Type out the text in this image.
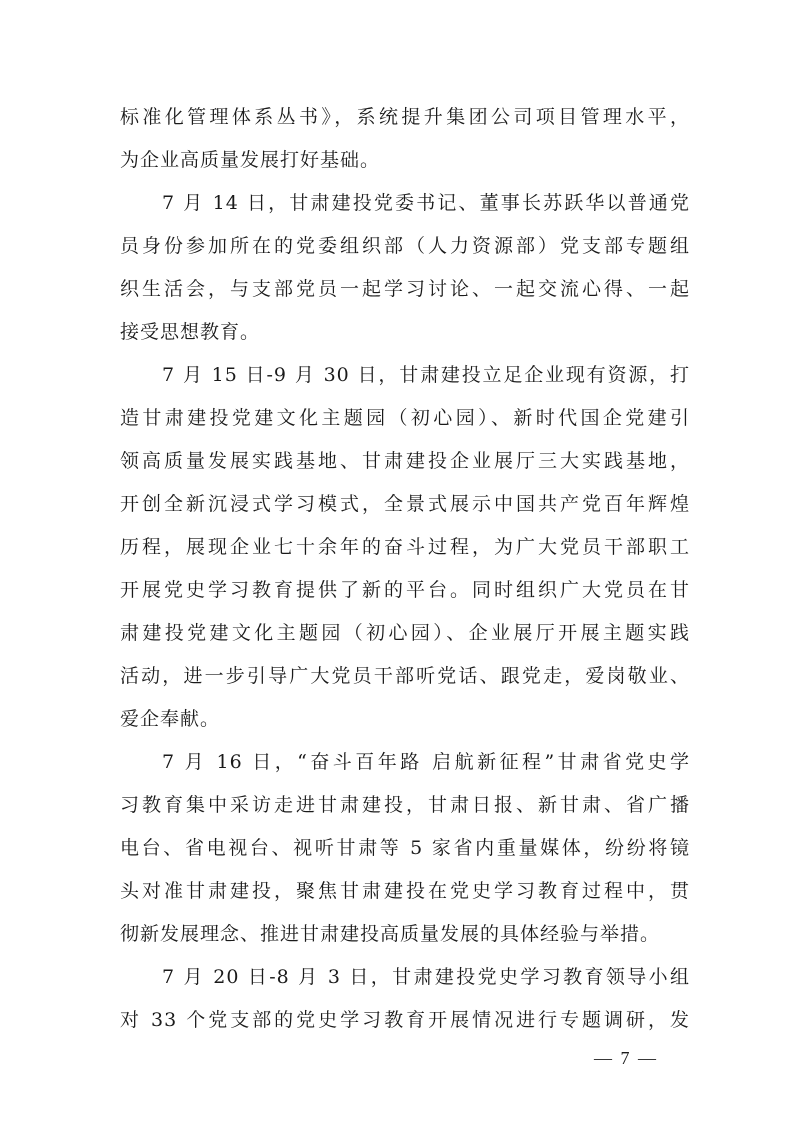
标准化管理体系丛书》，系统提升集团公司项目管理水平，
为企业高质量发展打好基础。
7 月 14 日，甘肃建投党委书记、董事长苏跃华以普通党
员身份参加所在的党委组织部（人力资源部）党支部专题组
织生活会，与支部党员一起学习讨论、一起交流心得、一起
接受思想教育。
7 月 15 日-9 月 30 日，甘肃建投立足企业现有资源，打
造甘肃建投党建文化主题园（初心园）、新时代国企党建引
领高质量发展实践基地、甘肃建投企业展厅三大实践基地，
开创全新沉浸式学习模式，全景式展示中国共产党百年辉煌
历程，展现企业七十余年的奋斗过程，为广大党员干部职工
开展党史学习教育提供了新的平台。同时组织广大党员在甘
肃建投党建文化主题园（初心园）、企业展厅开展主题实践
活动，进一步引导广大党员干部听党话、跟党走，爱岗敬业、
爱企奉献。
7 月 16 日，“奋斗百年路 启航新征程”甘肃省党史学
习教育集中采访走进甘肃建投，甘肃日报、新甘肃、省广播
电台、省电视台、视听甘肃等 5 家省内重量媒体，纷纷将镜
头对准甘肃建投，聚焦甘肃建投在党史学习教育过程中，贯
彻新发展理念、推进甘肃建投高质量发展的具体经验与举措。
7 月 20 日-8 月 3 日，甘肃建投党史学习教育领导小组
对 33 个党支部的党史学习教育开展情况进行专题调研，发
— 7 —
